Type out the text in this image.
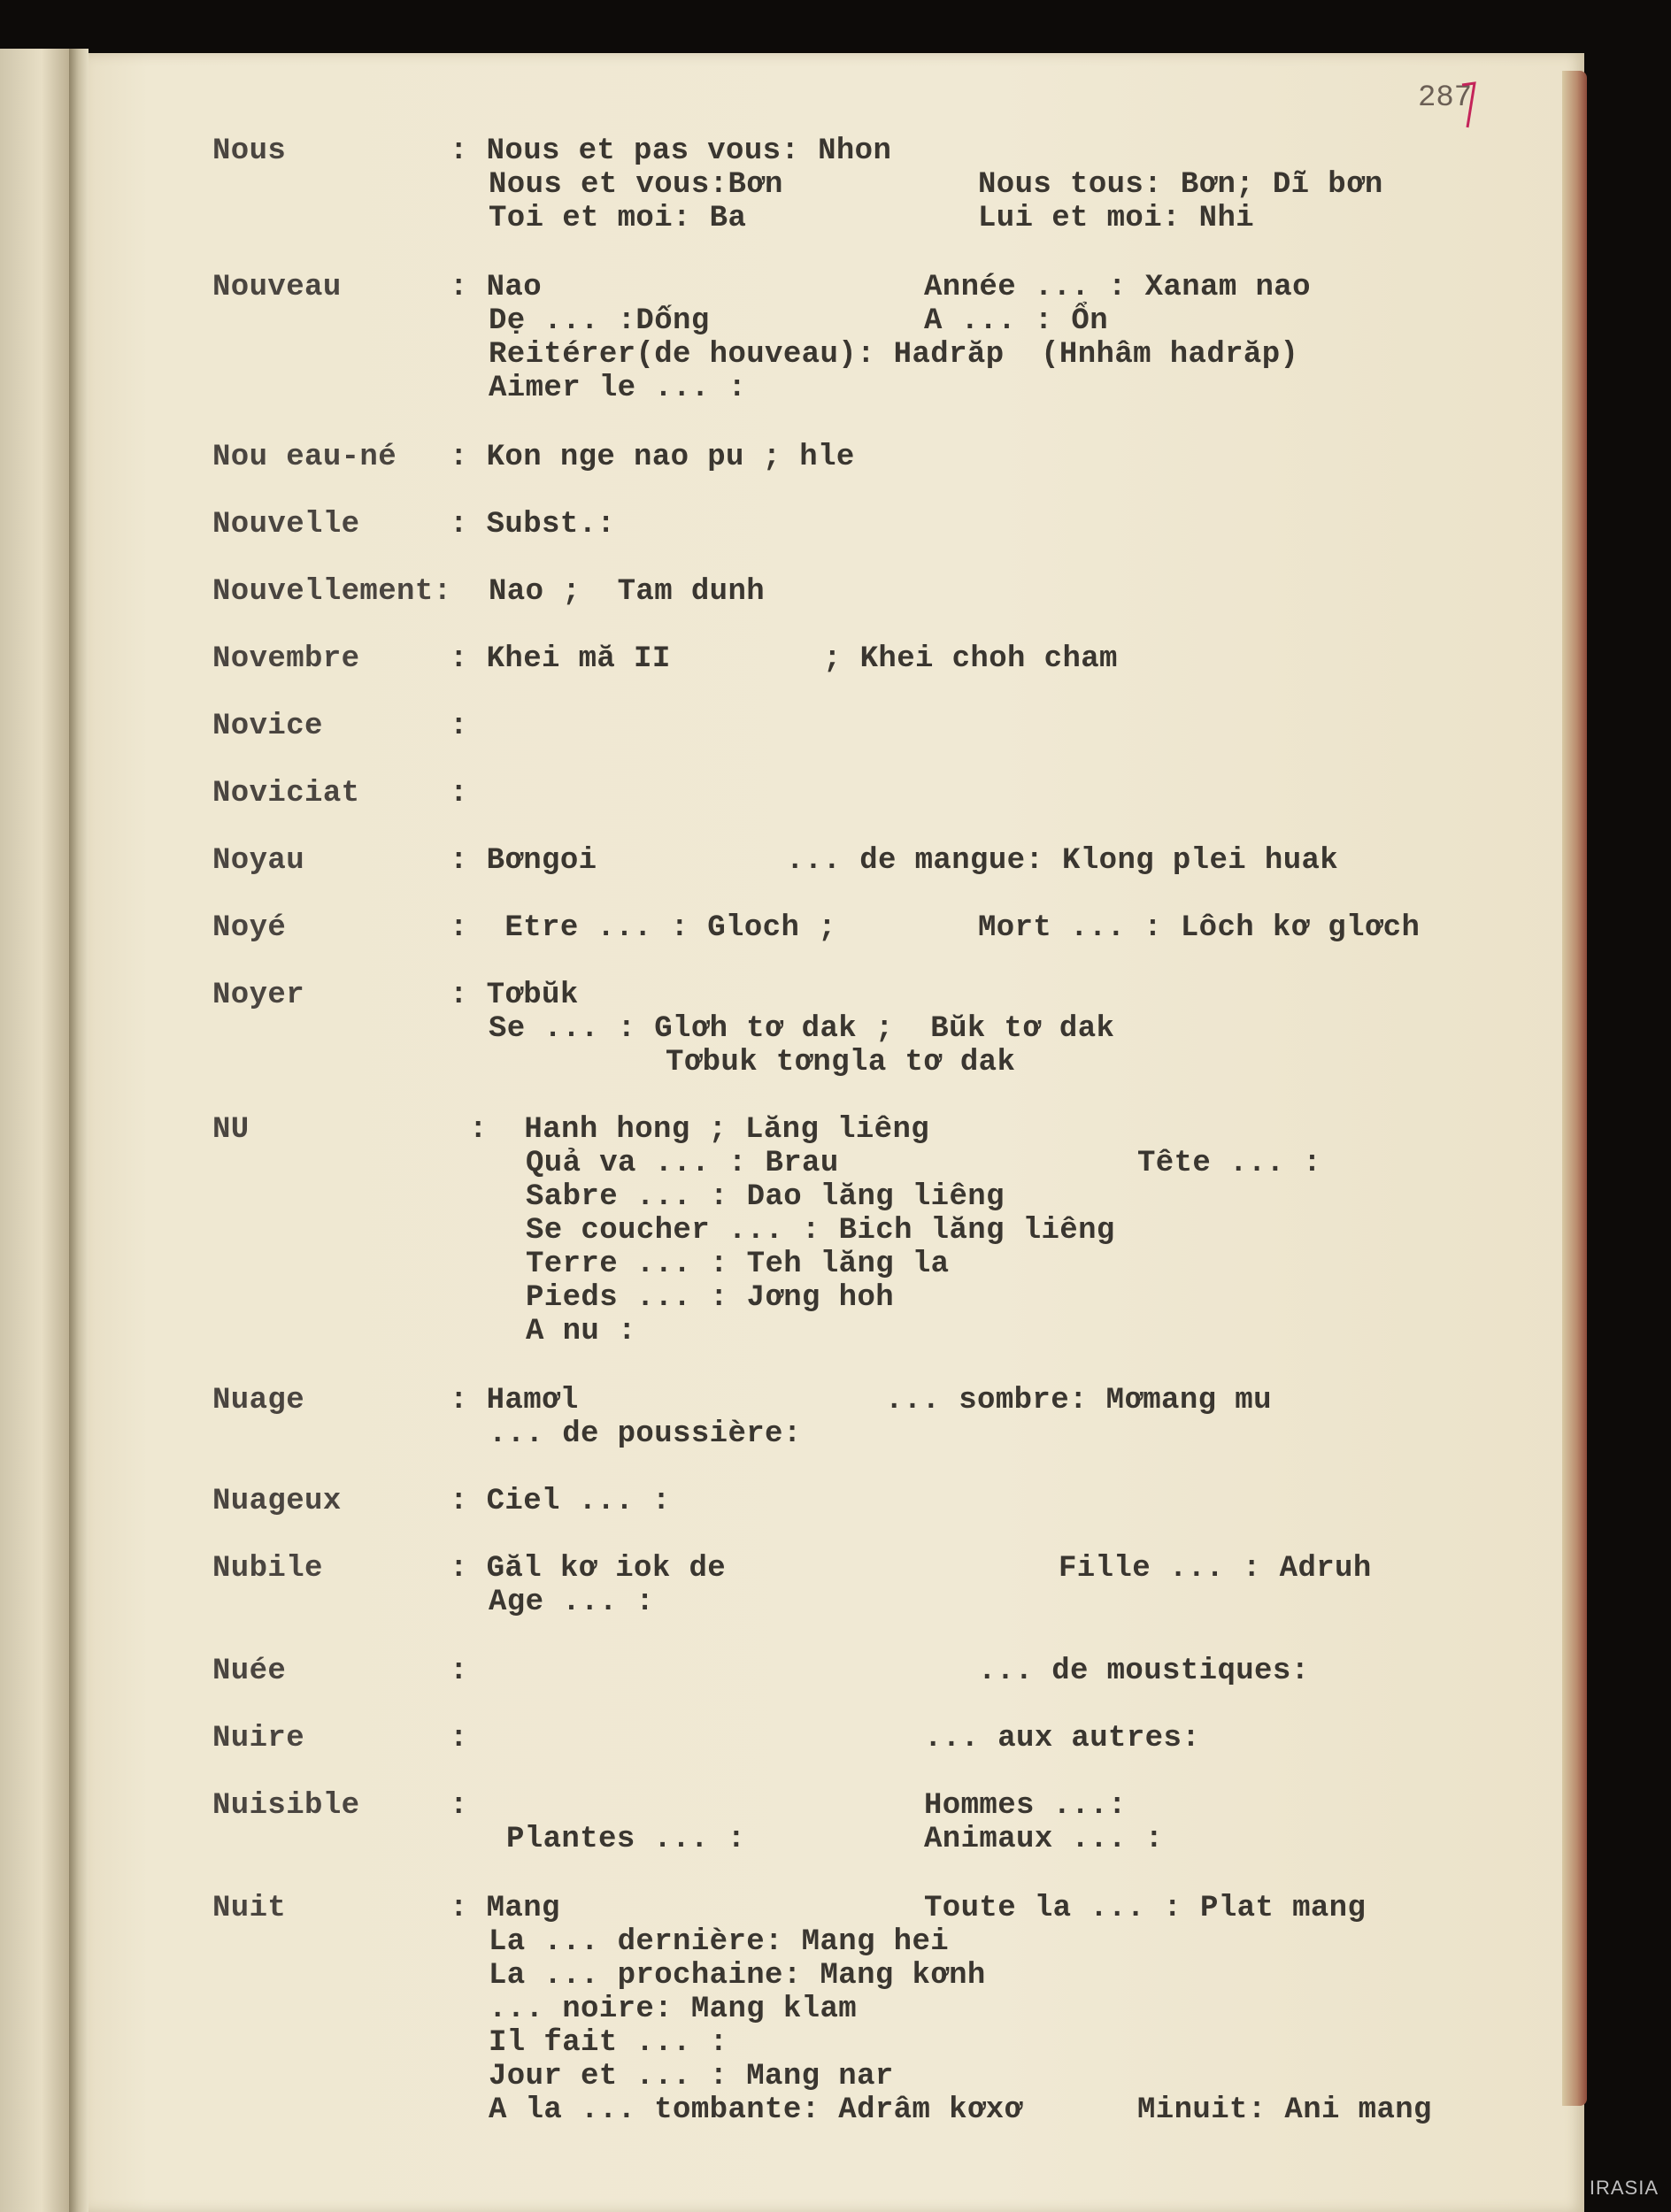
287
Nous	: Nous et pas vous: Nhon
Nous et vous:Bơn	Nous tous: Bơn; Dĩ bơn
Toi et moi: Ba	Lui et moi: Nhi
Nouveau	: Nao	Année ... : Xanam nao
Dẹ ... :Dống	A ... : Ổn
Reitérer(de houveau): Hadrăp  (Hnhâm hadrăp)
Aimer le ... :
Nou eau-né : Kon nge nao pu ; hle
Nouvelle	: Subst.:
Nouvellement: Nao ;  Tam dunh
Novembre	: Khei mă II	; Khei choh cham
Novice	:
Noviciat	:
Noyau	: Bơngoi	... de mangue: Klong plei huak
Noyé	:  Etre ... : Gloch ;	Mort ... : Lôch kơ glơch
Noyer	: Tơbŭk
Se ... : Glơh tơ dak ;  Bŭk tơ dak
Tơbuk tơngla tơ dak
NU	:  Hanh hong ; Lăng liêng
Quả va ... : Brau	Tête ... :
Sabre ... : Dao lăng liêng
Se coucher ... : Bich lăng liêng
Terre ... : Teh lăng la
Pieds ... : Jơng hoh
A nu :
Nuage	: Hamơl	... sombre: Mơmang mu
... de poussière:
Nuageux	: Ciel ... :
Nubile	: Găl kơ iok de	Fille ... : Adruh
Age ... :
Nuée	:	... de moustiques:
Nuire	:	... aux autres:
Nuisible	:	Hommes ...:
Plantes ... :	Animaux ... :
Nuit	: Mang	Toute la ... : Plat mang
La ... dernière: Mang hei
La ... prochaine: Mang kơnh
... noire: Mang klam
Il fait ... :
Jour et ... : Mang nar
A la ... tombante: Adrâm kơxơ	Minuit: Ani mang
IRASIA
